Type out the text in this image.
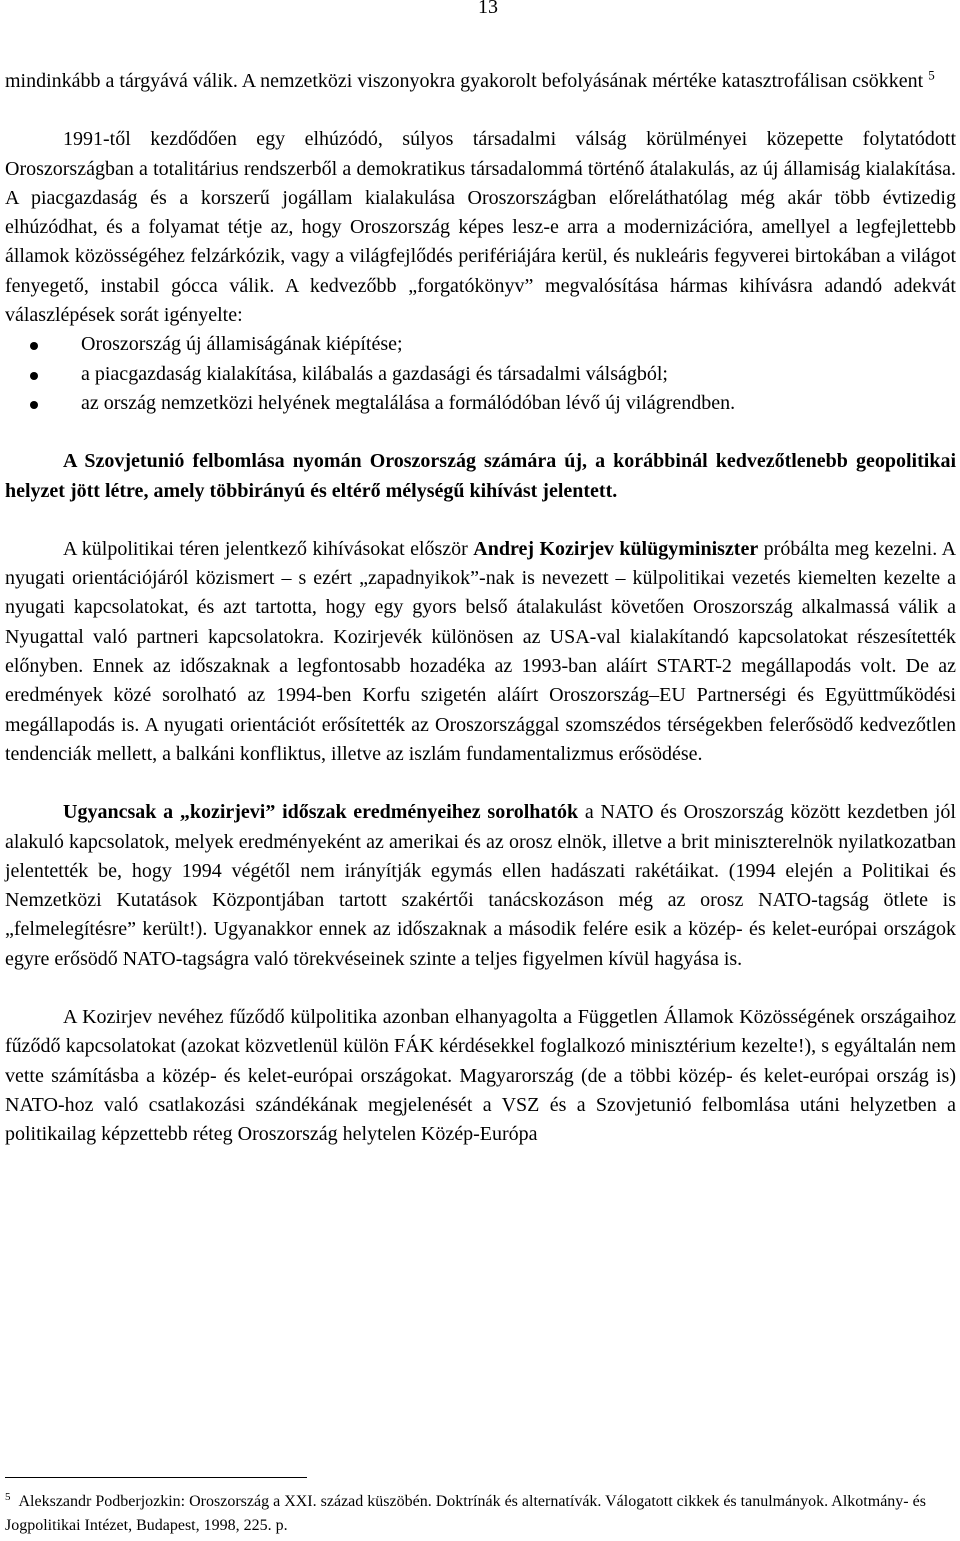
13

mindinkább a tárgyává válik. A nemzetközi viszonyokra gyakorolt befolyásának mértéke katasztrofálisan csökkent $^5$

1991-től kezdődően egy elhúzódó, súlyos társadalmi válság körülményei közepette folytatódott Oroszországban a totalitárius rendszerből a demokratikus társadalommá történő átalakulás, az új államiság kialakítása. A piacgazdaság és a korszerű jogállam kialakulása Oroszországban előreláthatólag még akár több évtizedig elhúzódhat, és a folyamat tétje az, hogy Oroszország képes lesz-e arra a modernizációra, amellyel a legfejlettebb államok közösségéhez felzárkózik, vagy a világfejlődés perifériájára kerül, és nukleáris fegyverei birtokában a világot fenyegető, instabil gócca válik. A kedvezőbb „forgatókönyv” megvalósítása hármas kihívásra adandó adekvát válaszlépések sorát igényelte:

Oroszország új államiságának kiépítése;
a piacgazdaság kialakítása, kilábalás a gazdasági és társadalmi válságból;
az ország nemzetközi helyének megtalálása a formálódóban lévő új világrendben.

A Szovjetunió felbomlása nyomán Oroszország számára új, a korábbinál kedvezőtlenebb geopolitikai helyzet jött létre, amely többirányú és eltérő mélységű kihívást jelentett.

A külpolitikai téren jelentkező kihívásokat először Andrej Kozirjev külügyminiszter próbálta meg kezelni. A nyugati orientációjáról közismert – s ezért „zapadnyikok”-nak is nevezett – külpolitikai vezetés kiemelten kezelte a nyugati kapcsolatokat, és azt tartotta, hogy egy gyors belső átalakulást követően Oroszország alkalmassá válik a Nyugattal való partneri kapcsolatokra. Kozirjevék különösen az USA-val kialakítandó kapcsolatokat részesítették előnyben. Ennek az időszaknak a legfontosabb hozadéka az 1993-ban aláírt START-2 megállapodás volt. De az eredmények közé sorolható az 1994-ben Korfu szigetén aláírt Oroszország–EU Partnerségi és Együttműködési megállapodás is. A nyugati orientációt erősítették az Oroszországgal szomszédos térségekben felerősödő kedvezőtlen tendenciák mellett, a balkáni konfliktus, illetve az iszlám fundamentalizmus erősödése.

Ugyancsak a „kozirjevi” időszak eredményeihez sorolhatók a NATO és Oroszország között kezdetben jól alakuló kapcsolatok, melyek eredményeként az amerikai és az orosz elnök, illetve a brit miniszterelnök nyilatkozatban jelentették be, hogy 1994 végétől nem irányítják egymás ellen hadászati rakétáikat. (1994 elején a Politikai és Nemzetközi Kutatások Központjában tartott szakértői tanácskozáson még az orosz NATO-tagság ötlete is „felmelegítésre” került!). Ugyanakkor ennek az időszaknak a második felére esik a közép- és kelet-európai országok egyre erősödő NATO-tagságra való törekvéseinek szinte a teljes figyelmen kívül hagyása is.

A Kozirjev nevéhez fűződő külpolitika azonban elhanyagolta a Független Államok Közösségének országaihoz fűződő kapcsolatokat (azokat közvetlenül külön FÁK kérdésekkel foglalkozó minisztérium kezelte!), s egyáltalán nem vette számításba a közép- és kelet-európai országokat. Magyarország (de a többi közép- és kelet-európai ország is) NATO-hoz való csatlakozási szándékának megjelenését a VSZ és a Szovjetunió felbomlása utáni helyzetben a politikailag képzettebb réteg Oroszország helytelen Közép-Európa

$^5$ Alekszandr Podberjozkin: Oroszország a XXI. század küszöbén. Doktrínák és alternatívák. Válogatott cikkek és tanulmányok. Alkotmány- és Jogpolitikai Intézet, Budapest, 1998, 225. p.
